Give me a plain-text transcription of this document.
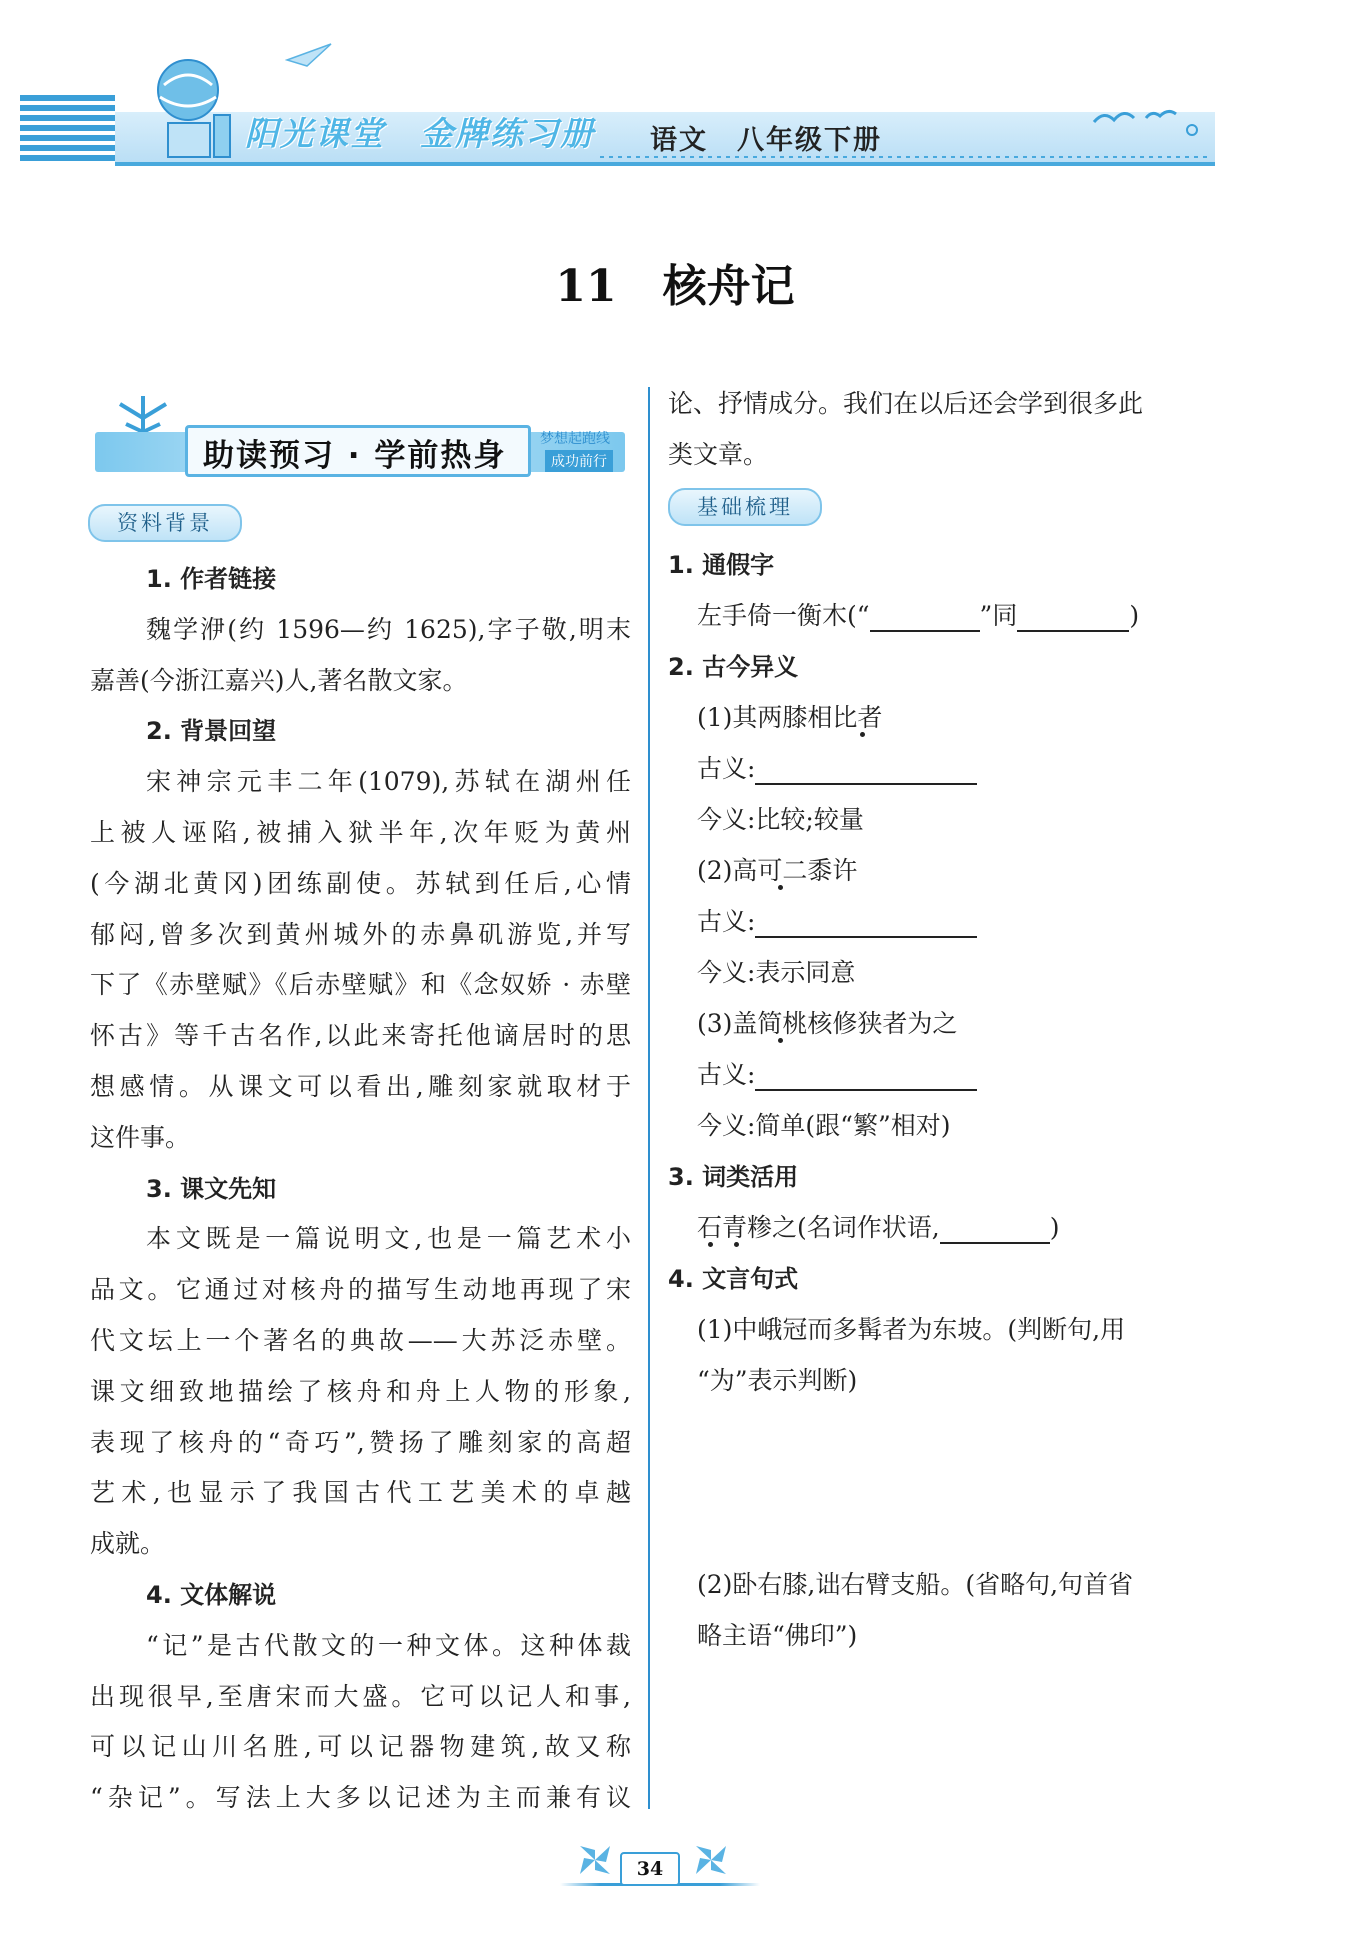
阳光课堂　金牌练习册 语文　八年级下册
11 核舟记
助读预习 · 学前热身 梦想起跑线
成功前行
资料背景
1. 作者链接
魏学洢(约 1596—约 1625),字子敬,明末
嘉善(今浙江嘉兴)人,著名散文家。
2. 背景回望
宋神宗元丰二年(1079),苏轼在湖州任
上被人诬陷,被捕入狱半年,次年贬为黄州
(今湖北黄冈)团练副使。苏轼到任后,心情
郁闷,曾多次到黄州城外的赤鼻矶游览,并写
下了《赤壁赋》《后赤壁赋》和《念奴娇 · 赤壁
怀古》等千古名作,以此来寄托他谪居时的思
想感情。从课文可以看出,雕刻家就取材于
这件事。
3. 课文先知
本文既是一篇说明文,也是一篇艺术小
品文。它通过对核舟的描写生动地再现了宋
代文坛上一个著名的典故——大苏泛赤壁。
课文细致地描绘了核舟和舟上人物的形象,
表现了核舟的“奇巧”,赞扬了雕刻家的高超
艺术,也显示了我国古代工艺美术的卓越
成就。
4. 文体解说
“记”是古代散文的一种文体。这种体裁
出现很早,至唐宋而大盛。它可以记人和事,
可以记山川名胜,可以记器物建筑,故又称
“杂记”。写法上大多以记述为主而兼有议
论、抒情成分。我们在以后还会学到很多此
类文章。
基础梳理
1. 通假字
左手倚一衡木(“	”同	)
2. 古今异义
(1)其两膝相比者
古义:
今义:比较;较量
(2)高可二黍许
古义:
今义:表示同意
(3)盖简桃核修狭者为之
古义:
今义:简单(跟“繁”相对)
3. 词类活用
石青糁之(名词作状语,	)
4. 文言句式
(1)中峨冠而多髯者为东坡。(判断句,用
“为”表示判断)
(2)卧右膝,诎右臂支船。(省略句,句首省
略主语“佛印”)
34
